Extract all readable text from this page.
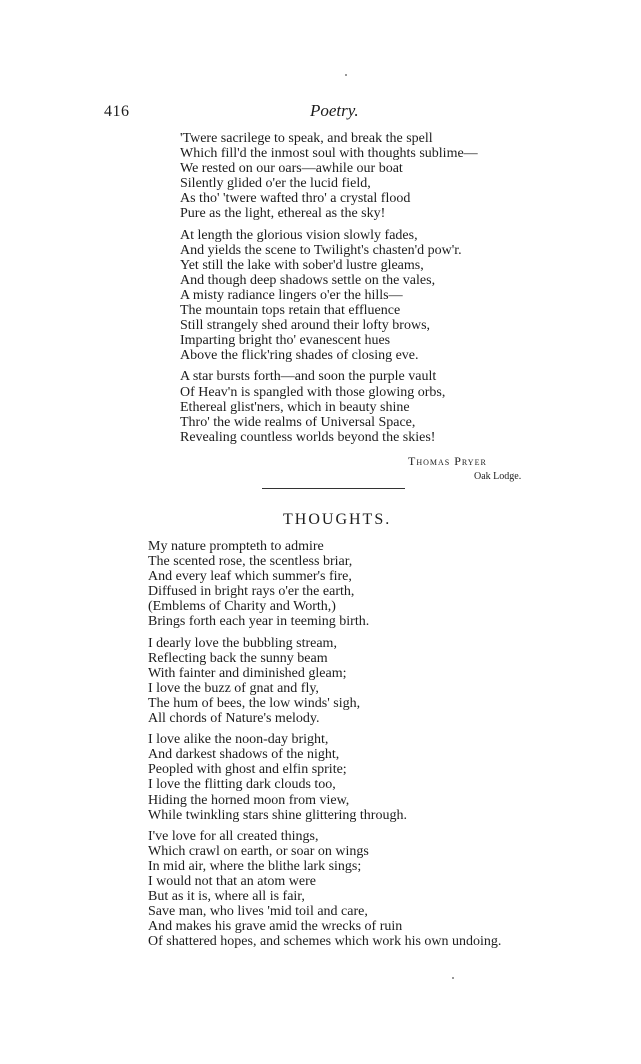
416	Poetry.
'Twere sacrilege to speak, and break the spell
Which fill'd the inmost soul with thoughts sublime—
We rested on our oars—awhile our boat
Silently glided o'er the lucid field,
As tho' 'twere wafted thro' a crystal flood
Pure as the light, ethereal as the sky!
At length the glorious vision slowly fades,
And yields the scene to Twilight's chasten'd pow'r.
Yet still the lake with sober'd lustre gleams,
And though deep shadows settle on the vales,
A misty radiance lingers o'er the hills—
The mountain tops retain that effluence
Still strangely shed around their lofty brows,
Imparting bright tho' evanescent hues
Above the flick'ring shades of closing eve.
A star bursts forth—and soon the purple vault
Of Heav'n is spangled with those glowing orbs,
Ethereal glist'ners, which in beauty shine
Thro' the wide realms of Universal Space,
Revealing countless worlds beyond the skies!
Thomas Pryer
Oak Lodge.
THOUGHTS.
My nature prompteth to admire
The scented rose, the scentless briar,
And every leaf which summer's fire,
Diffused in bright rays o'er the earth,
(Emblems of Charity and Worth,)
Brings forth each year in teeming birth.
I dearly love the bubbling stream,
Reflecting back the sunny beam
With fainter and diminished gleam;
I love the buzz of gnat and fly,
The hum of bees, the low winds' sigh,
All chords of Nature's melody.
I love alike the noon-day bright,
And darkest shadows of the night,
Peopled with ghost and elfin sprite;
I love the flitting dark clouds too,
Hiding the horned moon from view,
While twinkling stars shine glittering through.
I've love for all created things,
Which crawl on earth, or soar on wings
In mid air, where the blithe lark sings;
I would not that an atom were
But as it is, where all is fair,
Save man, who lives 'mid toil and care,
And makes his grave amid the wrecks of ruin
Of shattered hopes, and schemes which work his own undoing.
